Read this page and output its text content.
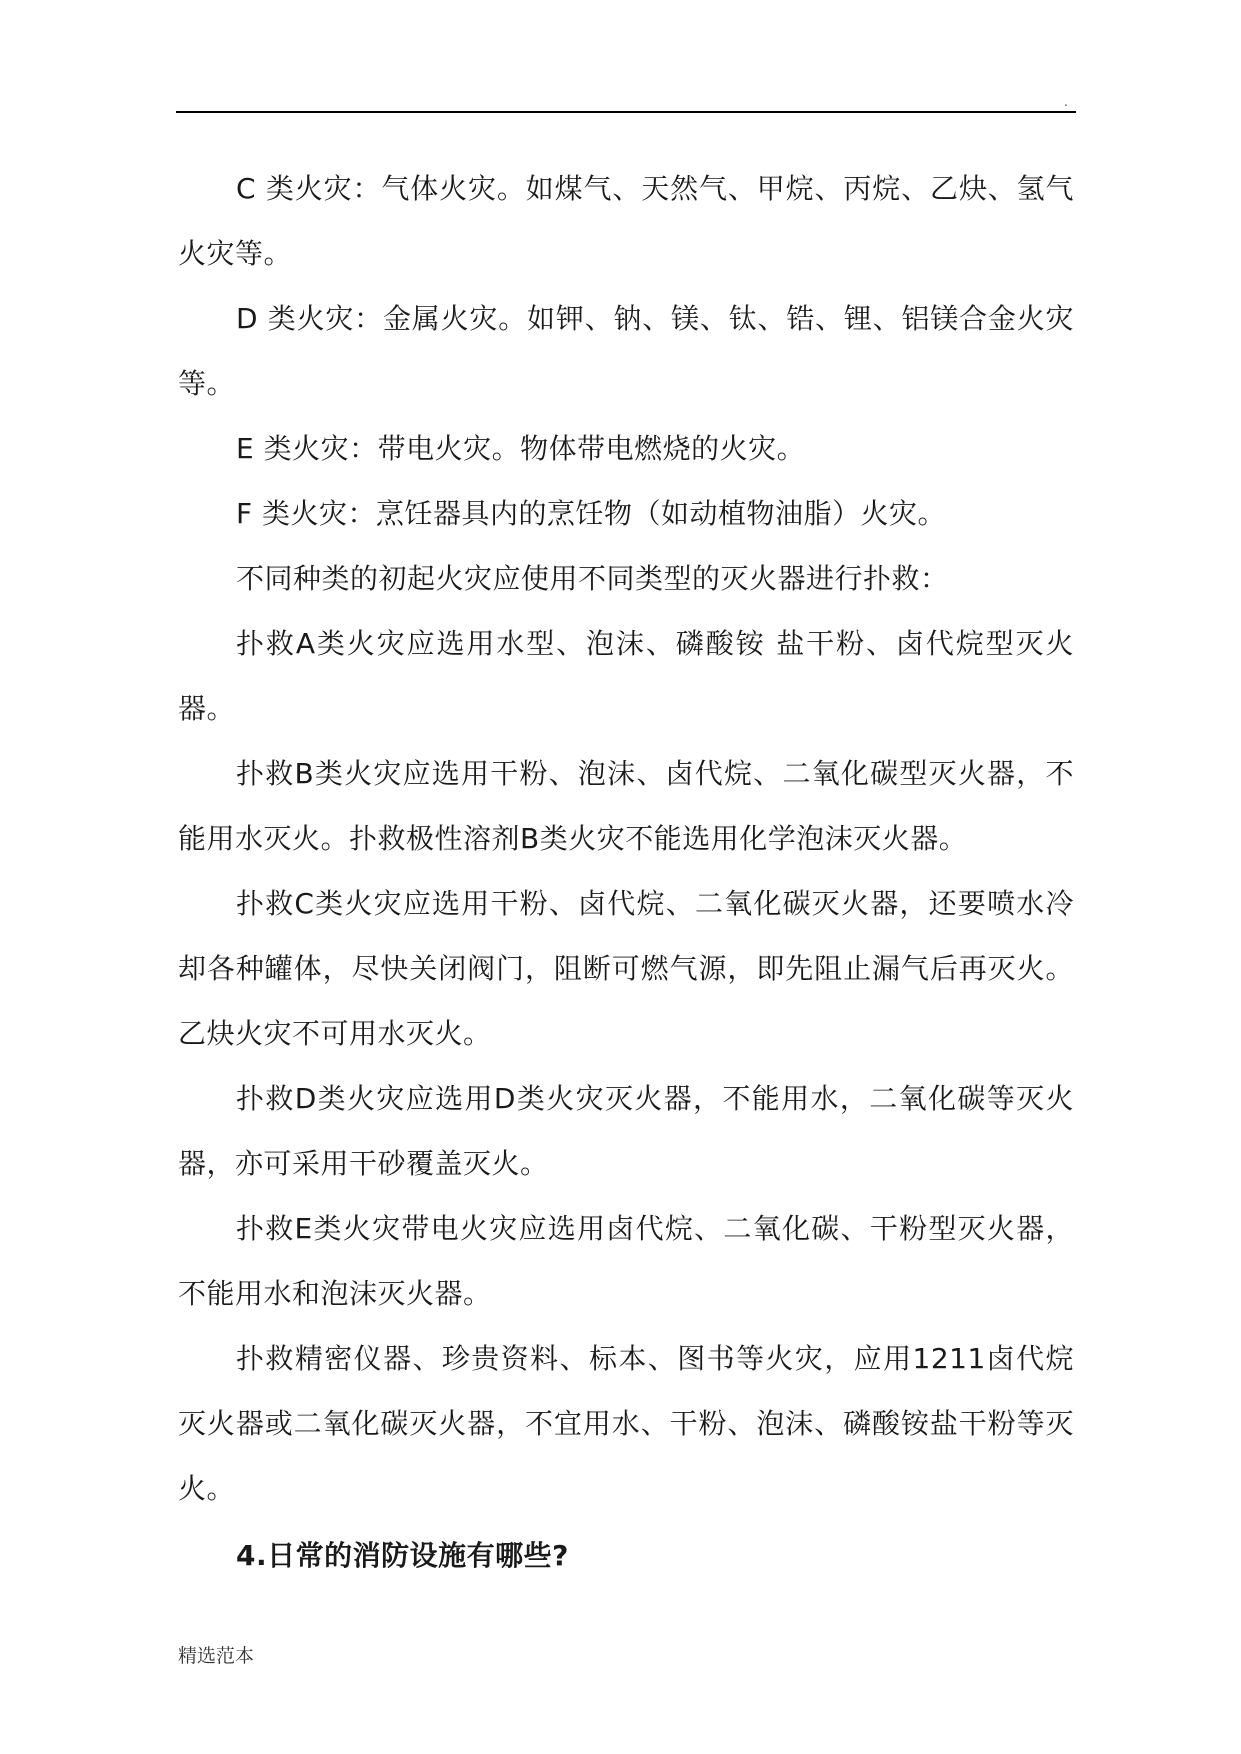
.

C 类火灾：气体火灾。如煤气、天然气、甲烷、丙烷、乙炔、氢气火灾等。

D 类火灾：金属火灾。如钾、钠、镁、钛、锆、锂、铝镁合金火灾等。

E 类火灾：带电火灾。物体带电燃烧的火灾。

F 类火灾：烹饪器具内的烹饪物（如动植物油脂）火灾。

不同种类的初起火灾应使用不同类型的灭火器进行扑救：

扑救A类火灾应选用水型、泡沫、磷酸铵 盐干粉、卤代烷型灭火器。

扑救B类火灾应选用干粉、泡沫、卤代烷、二氧化碳型灭火器，不能用水灭火。扑救极性溶剂B类火灾不能选用化学泡沫灭火器。

扑救C类火灾应选用干粉、卤代烷、二氧化碳灭火器，还要喷水冷却各种罐体，尽快关闭阀门，阻断可燃气源，即先阻止漏气后再灭火。乙炔火灾不可用水灭火。

扑救D类火灾应选用D类火灾灭火器，不能用水，二氧化碳等灭火器，亦可采用干砂覆盖灭火。

扑救E类火灾带电火灾应选用卤代烷、二氧化碳、干粉型灭火器，不能用水和泡沫灭火器。

扑救精密仪器、珍贵资料、标本、图书等火灾，应用1211卤代烷灭火器或二氧化碳灭火器，不宜用水、干粉、泡沫、磷酸铵盐干粉等灭火。

4.日常的消防设施有哪些?

精选范本
